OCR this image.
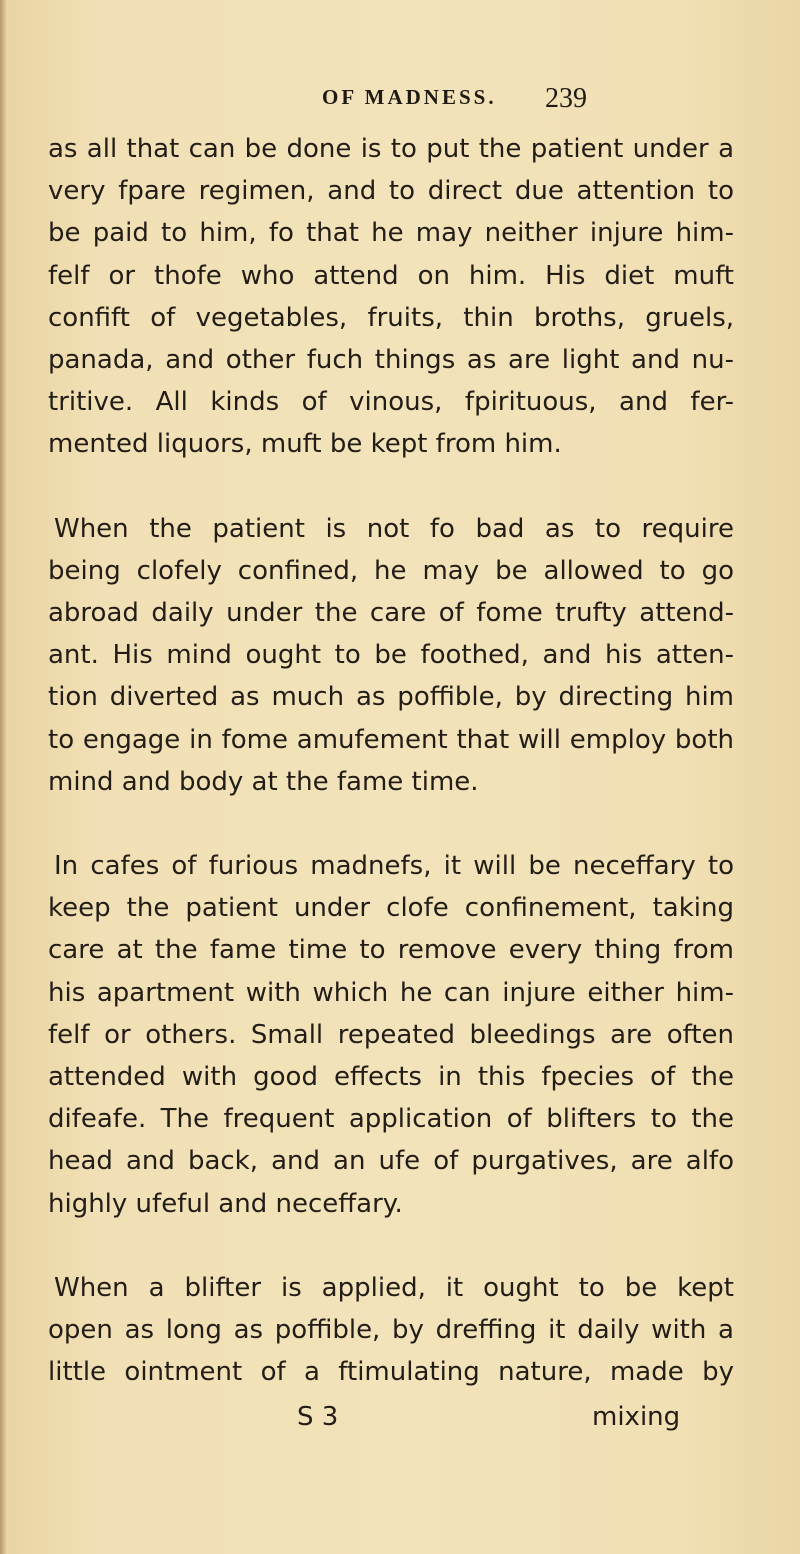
OF MADNESS. 239

as all that can be done is to put the patient under a
very fpare regimen, and to direct due attention to
be paid to him, fo that he may neither injure him-
felf or thofe who attend on him. His diet muft
confift of vegetables, fruits, thin broths, gruels,
panada, and other fuch things as are light and nu-
tritive. All kinds of vinous, fpirituous, and fer-
mented liquors, muft be kept from him.

When the patient is not fo bad as to require
being clofely confined, he may be allowed to go
abroad daily under the care of fome trufty attend-
ant. His mind ought to be foothed, and his atten-
tion diverted as much as poffible, by directing him
to engage in fome amufement that will employ both
mind and body at the fame time.

In cafes of furious madnefs, it will be neceffary to
keep the patient under clofe confinement, taking
care at the fame time to remove every thing from
his apartment with which he can injure either him-
felf or others. Small repeated bleedings are often
attended with good effects in this fpecies of the
difeafe. The frequent application of blifters to the
head and back, and an ufe of purgatives, are alfo
highly ufeful and neceffary.

When a blifter is applied, it ought to be kept
open as long as poffible, by dreffing it daily with a
little ointment of a ftimulating nature, made by

S 3	mixing
